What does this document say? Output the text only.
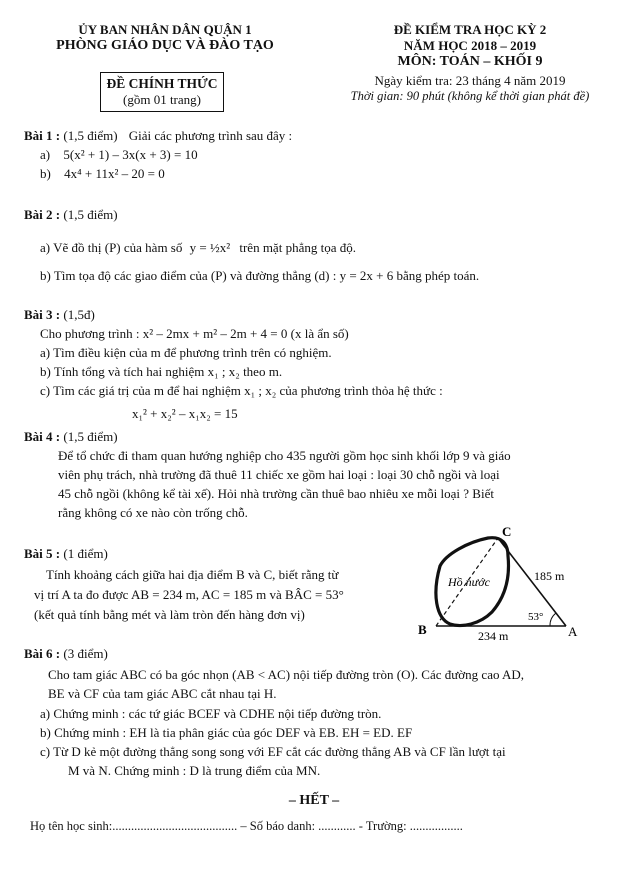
ỦY BAN NHÂN DÂN QUẬN 1
PHÒNG GIÁO DỤC VÀ ĐÀO TẠO
ĐỀ CHÍNH THỨC
(gồm 01 trang)
ĐỀ KIỂM TRA HỌC KỲ 2
NĂM HỌC 2018 – 2019
MÔN: TOÁN – KHỐI 9
Ngày kiểm tra: 23 tháng 4 năm 2019
Thời gian: 90 phút (không kể thời gian phát đề)
Bài 1 : (1,5 điểm) Giải các phương trình sau đây :
a) 5(x² + 1) – 3x(x + 3) = 10
b) 4x⁴ + 11x² – 20 = 0
Bài 2 : (1,5 điểm)
a) Vẽ đồ thị (P) của hàm số y = ½x² trên mặt phẳng tọa độ.
b) Tìm tọa độ các giao điểm của (P) và đường thẳng (d) : y = 2x + 6 bằng phép toán.
Bài 3 : (1,5đ)
Cho phương trình : x² – 2mx + m² – 2m + 4 = 0 (x là ẩn số)
a) Tìm điều kiện của m để phương trình trên có nghiệm.
b) Tính tổng và tích hai nghiệm x₁ ; x₂ theo m.
c) Tìm các giá trị của m để hai nghiệm x₁ ; x₂ của phương trình thỏa hệ thức :
x₁² + x₂² – x₁x₂ = 15
Bài 4 : (1,5 điểm)
Để tổ chức đi tham quan hướng nghiệp cho 435 người gồm học sinh khối lớp 9 và giáo
viên phụ trách, nhà trường đã thuê 11 chiếc xe gồm hai loại : loại 30 chỗ ngồi và loại
45 chỗ ngồi (không kể tài xế). Hỏi nhà trường cần thuê bao nhiêu xe mỗi loại ? Biết
rằng không có xe nào còn trống chỗ.
Bài 5 : (1 điểm)
Tính khoảng cách giữa hai địa điểm B và C, biết rằng từ
vị trí A ta đo được AB = 234 m, AC = 185 m và BÂC = 53°
(kết quả tính bằng mét và làm tròn đến hàng đơn vị)
C
B	A
Hồ nước	185 m
234 m
53°
Bài 6 : (3 điểm)
Cho tam giác ABC có ba góc nhọn (AB < AC) nội tiếp đường tròn (O). Các đường cao AD,
BE và CF của tam giác ABC cắt nhau tại H.
a) Chứng minh : các tứ giác BCEF và CDHE nội tiếp đường tròn.
b) Chứng minh : EH là tia phân giác của góc DEF và EB. EH = ED. EF
c) Từ D kẻ một đường thẳng song song với EF cắt các đường thẳng AB và CF lần lượt tại
M và N. Chứng minh : D là trung điểm của MN.
– HẾT –
Họ tên học sinh:........................................ – Số báo danh: ............ - Trường: .................
